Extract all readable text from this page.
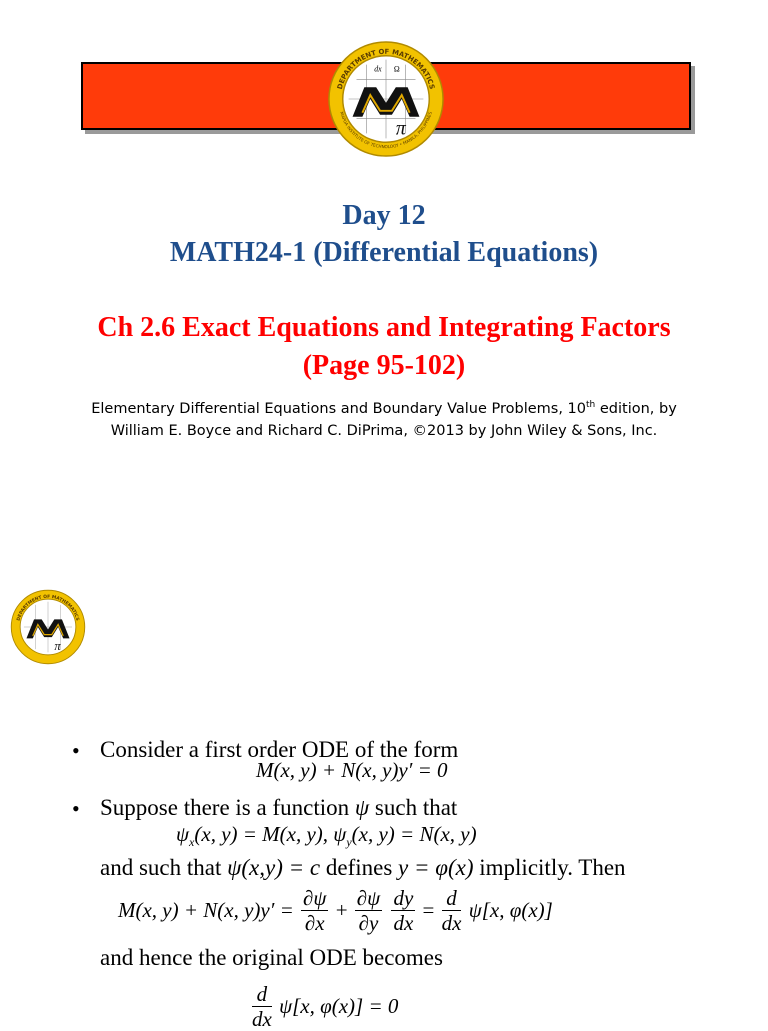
DEPARTMENT OF MATHEMATICS
MAPUA INSTITUTE OF TECHNOLOGY • MANILA, PHILIPPINES
dx Ω
π
Day 12
MATH24-1 (Differential Equations)
Ch 2.6 Exact Equations and Integrating Factors
(Page 95-102)
Elementary Differential Equations and Boundary Value Problems, 10th edition, by
William E. Boyce and Richard C. DiPrima, ©2013 by John Wiley & Sons, Inc.
DEPARTMENT OF MATHEMATICS
π
• Consider a first order ODE of the form
M(x, y) + N(x, y)y′ = 0
• Suppose there is a function ψ such that
$\psi_x(x$, y) = M(x, y), $\psi_y(x$, y) = N(x, y)
and such that ψ(x,y) = c defines y = φ(x) implicitly. Then
M(x, y) + N(x, $y)y' = \frac{\partial\psi}{\partial x} + \frac{\partial\psi}{\partial y}$
$\frac{dy}{dx} = \frac{d}{dx} \psi[x$, φ(x)]
and hence the original ODE becomes
$\frac{d}{dx} \psi[x$, φ(x)] = 0
